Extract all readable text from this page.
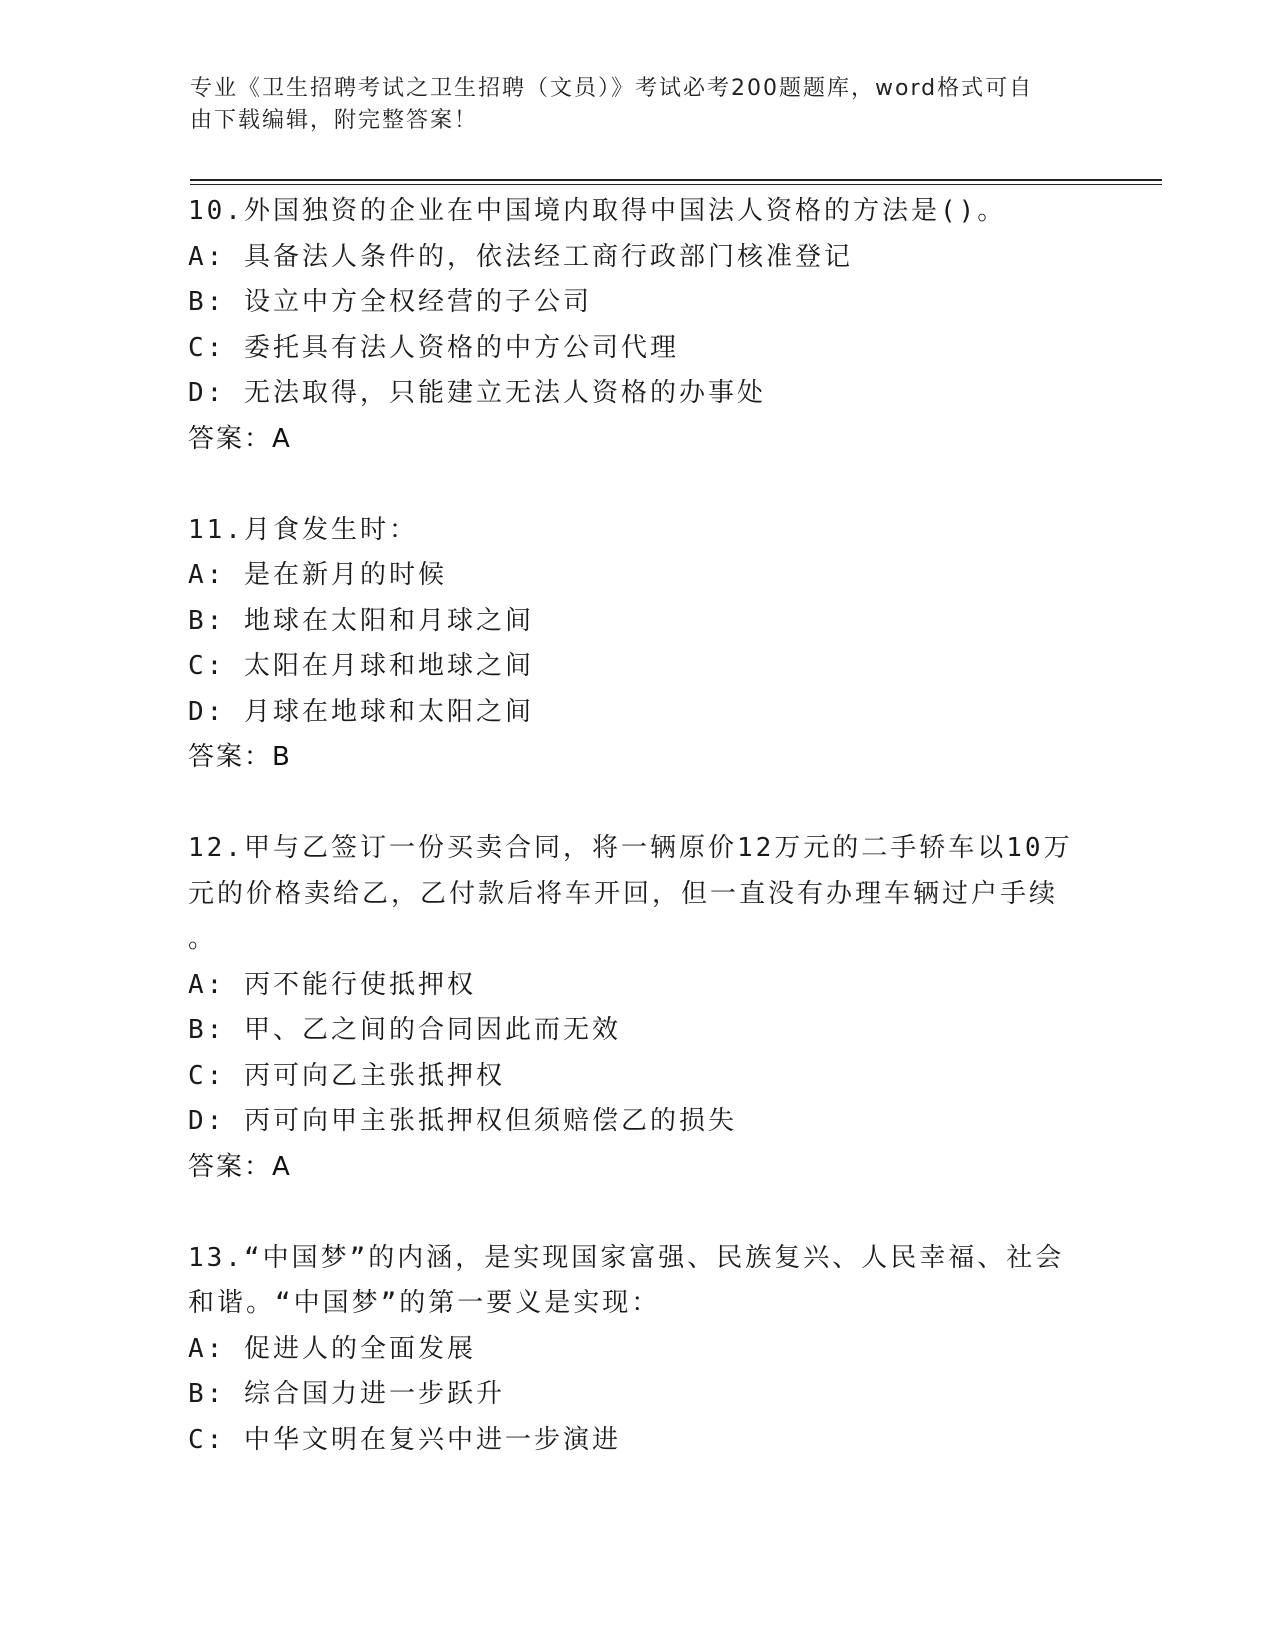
专业《卫生招聘考试之卫生招聘（文员）》考试必考200题题库，word格式可自
由下载编辑，附完整答案！
10.外国独资的企业在中国境内取得中国法人资格的方法是()。
A: 具备法人条件的，依法经工商行政部门核准登记
B: 设立中方全权经营的子公司
C: 委托具有法人资格的中方公司代理
D: 无法取得，只能建立无法人资格的办事处
答案：A
11.月食发生时：
A: 是在新月的时候
B: 地球在太阳和月球之间
C: 太阳在月球和地球之间
D: 月球在地球和太阳之间
答案：B
12.甲与乙签订一份买卖合同，将一辆原价12万元的二手轿车以10万
元的价格卖给乙，乙付款后将车开回，但一直没有办理车辆过户手续
。
A: 丙不能行使抵押权
B: 甲、乙之间的合同因此而无效
C: 丙可向乙主张抵押权
D: 丙可向甲主张抵押权但须赔偿乙的损失
答案：A
13.“中国梦”的内涵，是实现国家富强、民族复兴、人民幸福、社会
和谐。“中国梦”的第一要义是实现：
A: 促进人的全面发展
B: 综合国力进一步跃升
C: 中华文明在复兴中进一步演进
